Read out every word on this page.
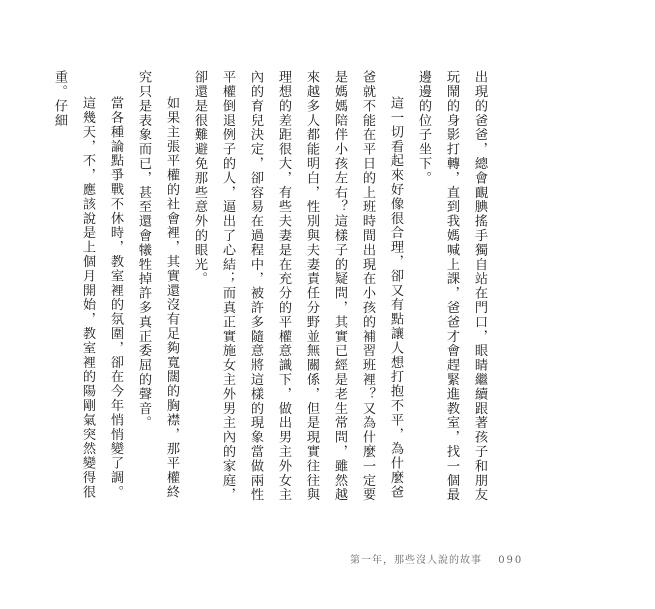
出現的爸爸，總會靦腆搖手獨自站在門口，眼睛繼續跟著孩子和朋友玩鬧的身影打轉，直到我媽喊上課，爸爸才會趕緊進教室，找一個最邊邊的位子坐下。

這一切看起來好像很合理，卻又有點讓人想打抱不平，為什麼爸爸就不能在平日的上班時間出現在小孩的補習班裡？又為什麼一定要是媽媽陪伴小孩左右？這樣子的疑問，其實已經是老生常問，雖然越來越多人都能明白，性別與夫妻責任分野並無關係，但是現實往往與理想的差距很大，有些夫妻是在充分的平權意識下，做出男主外女主內的育兒決定，卻容易在過程中，被許多隨意將這樣的現象當做兩性平權倒退例子的人，逼出了心結；而真正實施女主外男主內的家庭，卻還是很難避免那些意外的眼光。

如果主張平權的社會裡，其實還沒有足夠寬闊的胸襟，那平權終究只是表象而已，甚至還會犧牲掉許多真正委屈的聲音。

當各種論點爭戰不休時，教室裡的氛圍，卻在今年悄悄變了調。

這幾天，不，應該說是上個月開始，教室裡的陽剛氣突然變得很重。仔細

第一年，那些沒人說的故事 090
